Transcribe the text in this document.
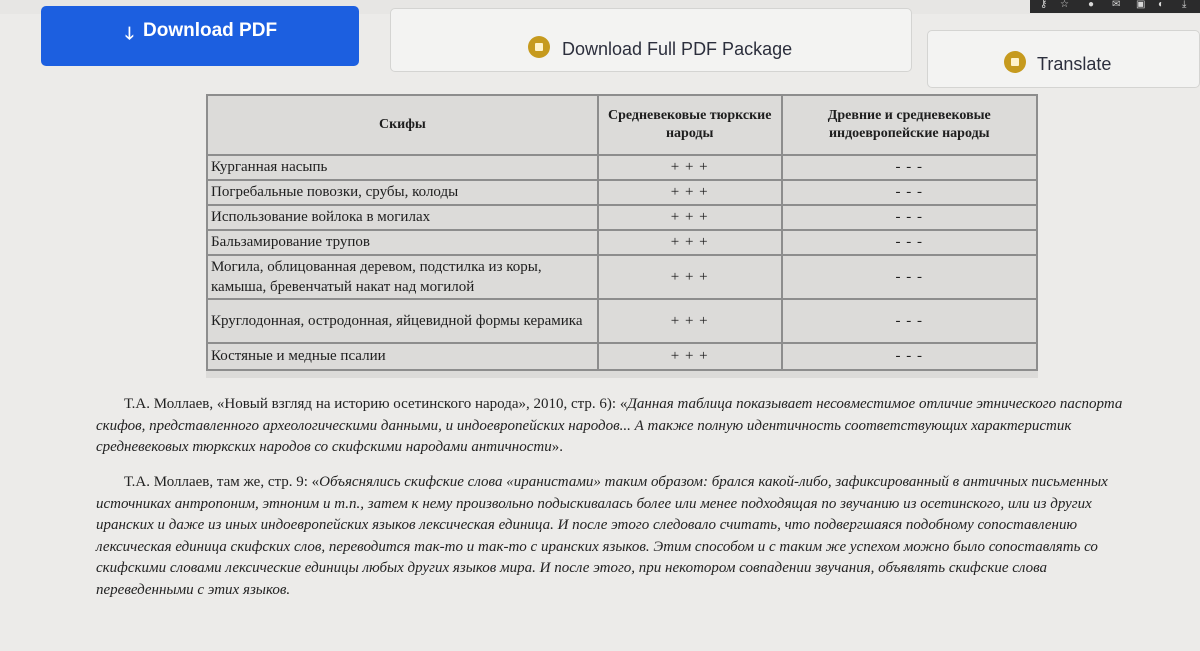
⚷ ☆ ● ✉ ▣ ◐ ⤓
🡓 Download PDF
Download Full PDF Package
Translate
Скифы	Средневековые тюркские народы	Древние и средневековые индоевропейские народы
Курганная насыпь	+ + +	- - -
Погребальные повозки, срубы, колоды	+ + +	- - -
Использование войлока в могилах	+ + +	- - -
Бальзамирование трупов	+ + +	- - -
Могила, облицованная деревом, подстилка из коры, камыша, бревенчатый накат над могилой	+ + +	- - -
Круглодонная, остродонная, яйцевидной формы керамика	+ + +	- - -
Костяные и медные псалии	+ + +	- - -

Т.А. Моллаев, «Новый взгляд на историю осетинского народа», 2010, стр. 6): «Данная таблица показывает несовместимое отличие этнического паспорта скифов, представленного археологическими данными, и индоевропейских народов... А также полную идентичность соответствующих характеристик средневековых тюркских народов со скифскими народами античности».

Т.А. Моллаев, там же, стр. 9: «Объяснялись скифские слова «иранистами» таким образом: брался какой-либо, зафиксированный в античных письменных источниках антропоним, этноним и т.п., затем к нему произвольно подыскивалась более или менее подходящая по звучанию из осетинского, или из других иранских и даже из иных индоевропейских языков лексическая единица. И после этого следовало считать, что подвергшаяся подобному сопоставлению лексическая единица скифских слов, переводится так-то и так-то с иранских языков. Этим способом и с таким же успехом можно было сопоставлять со скифскими словами лексические единицы любых других языков мира. И после этого, при некотором совпадении звучания, объявлять скифские слова переведенными с этих языков.
